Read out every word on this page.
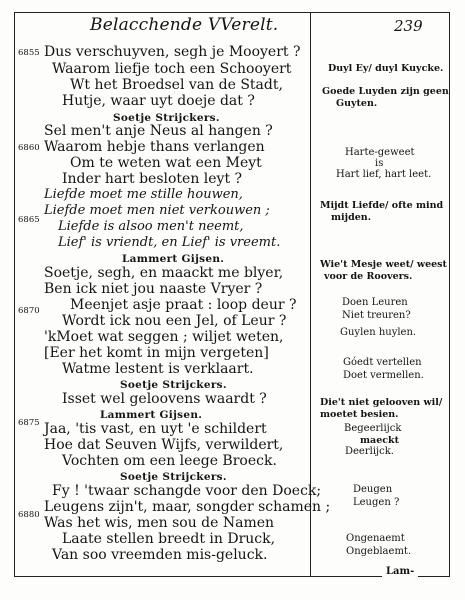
Belacchende VVerelt.	239
6855
6860
6865
6870
6875
6880
Dus verschuyven, segh je Mooyert ?
Waarom liefje toch een Schooyert
Wt het Broedsel van de Stadt,
Hutje, waar uyt doeje dat ?
Soetje Strijckers.
Sel men't anje Neus al hangen ?
Waarom hebje thans verlangen
Om te weten wat een Meyt
Inder hart besloten leyt ?
Liefde moet me stille houwen,
Liefde moet men niet verkouwen ;
Liefde is alsoo men't neemt,
Lief' is vriendt, en Lief' is vreemt.
Lammert Gijsen.
Soetje, segh, en maackt me blyer,
Ben ick niet jou naaste Vryer ?
Meenjet asje praat : loop deur ?
Wordt ick nou een Jel, of Leur ?
'kMoet wat seggen ; wiljet weten,
[Eer het komt in mijn vergeten]
Watme lestent is verklaart.
Soetje Strijckers.
Isset wel geloovens waardt ?
Lammert Gijsen.
Jaa, 'tis vast, en uyt 'e schildert
Hoe dat Seuven Wijfs, verwildert,
Vochten om een leege Broeck.
Soetje Strijckers.
Fy ! 'twaar schangde voor den Doeck;
Leugens zijn't, maar, songder schamen ;
Was het wis, men sou de Namen
Laate stellen breedt in Druck,
Van soo vreemden mis-geluck.
Duyl Ey/ duyl Kuycke.
Goede Luyden zijn geen
Guyten.
Harte-geweet
is
Hart lief, hart leet.
Mijdt Liefde/ ofte mind
mijden.
Wie't Mesje weet/ weest
voor de Roovers.
Doen Leuren
Niet treuren?
Guylen huylen.
Góedt vertellen
Doet vermellen.
Die't niet gelooven wil/
moetet besien.
Begeerlijck
maeckt
Deerlijck.
Deugen
Leugen ?
Ongenaemt
Ongeblaemt.
Lam-
